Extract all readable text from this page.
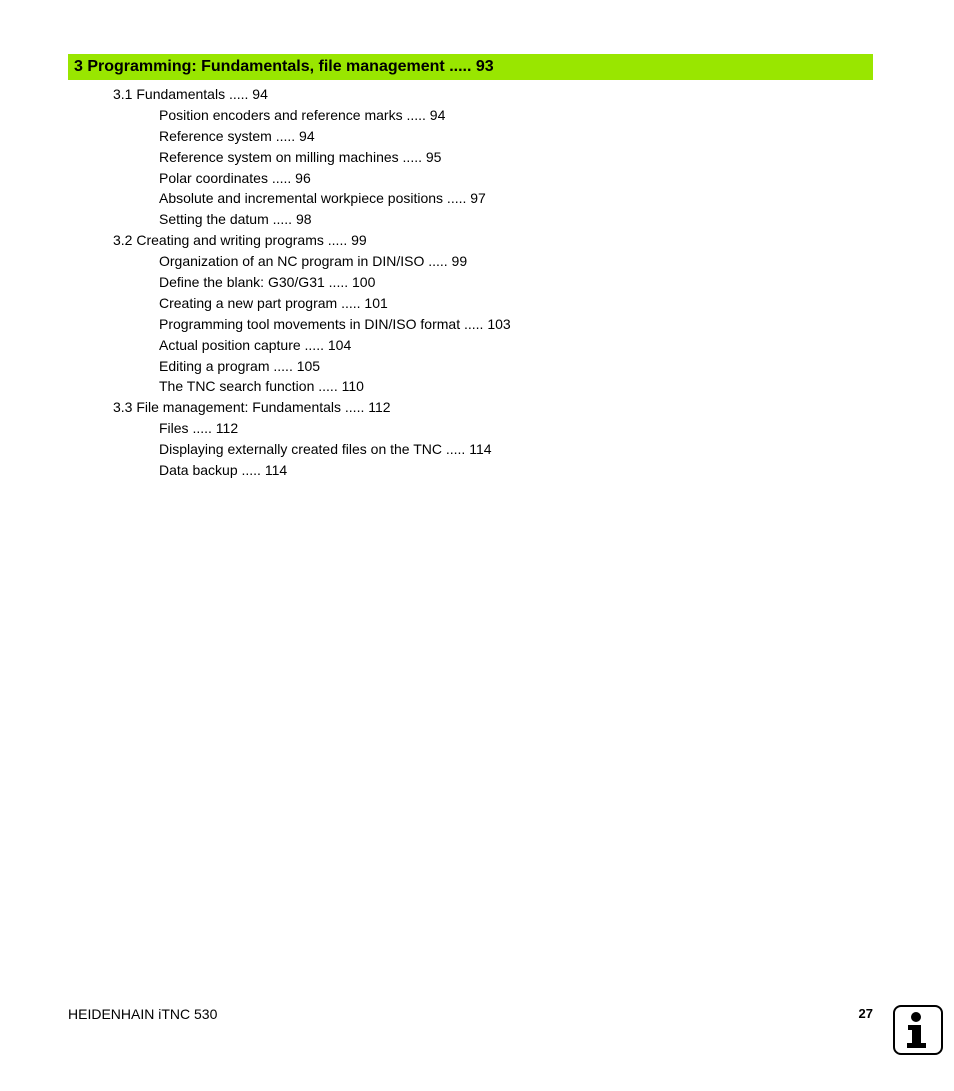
3 Programming: Fundamentals, file management ..... 93
3.1 Fundamentals ..... 94
Position encoders and reference marks ..... 94
Reference system ..... 94
Reference system on milling machines ..... 95
Polar coordinates ..... 96
Absolute and incremental workpiece positions ..... 97
Setting the datum ..... 98
3.2 Creating and writing programs ..... 99
Organization of an NC program in DIN/ISO ..... 99
Define the blank: G30/G31 ..... 100
Creating a new part program ..... 101
Programming tool movements in DIN/ISO format ..... 103
Actual position capture ..... 104
Editing a program ..... 105
The TNC search function ..... 110
3.3 File management: Fundamentals ..... 112
Files ..... 112
Displaying externally created files on the TNC ..... 114
Data backup ..... 114
HEIDENHAIN iTNC 530	27
